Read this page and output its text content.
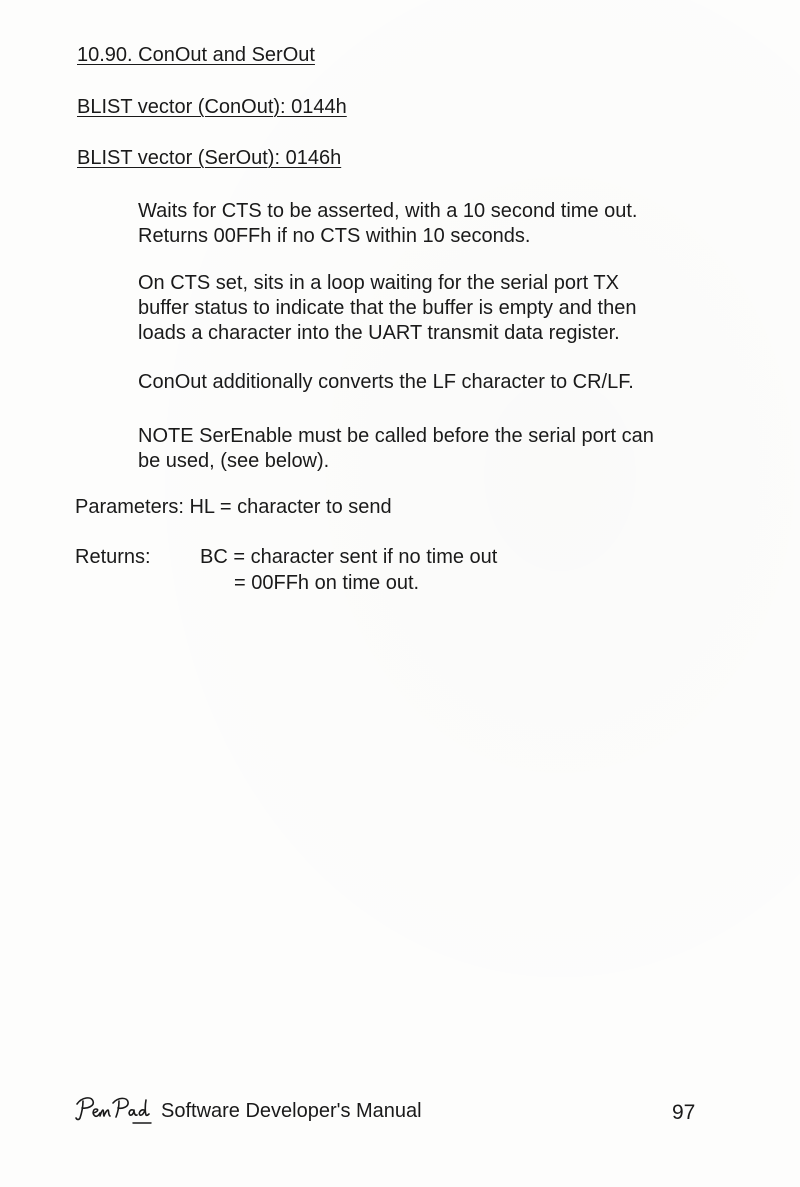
10.90. ConOut and SerOut
BLIST vector (ConOut): 0144h
BLIST vector (SerOut): 0146h
Waits for CTS to be asserted, with a 10 second time out.
Returns 00FFh if no CTS within 10 seconds.
On CTS set, sits in a loop waiting for the serial port TX
buffer status to indicate that the buffer is empty and then
loads a character into the UART transmit data register.
ConOut additionally converts the LF character to CR/LF.
NOTE SerEnable must be called before the serial port can
be used, (see below).
Parameters: HL = character to send
Returns: BC = character sent if no time out
= 00FFh on time out.
Software Developer's Manual	97
